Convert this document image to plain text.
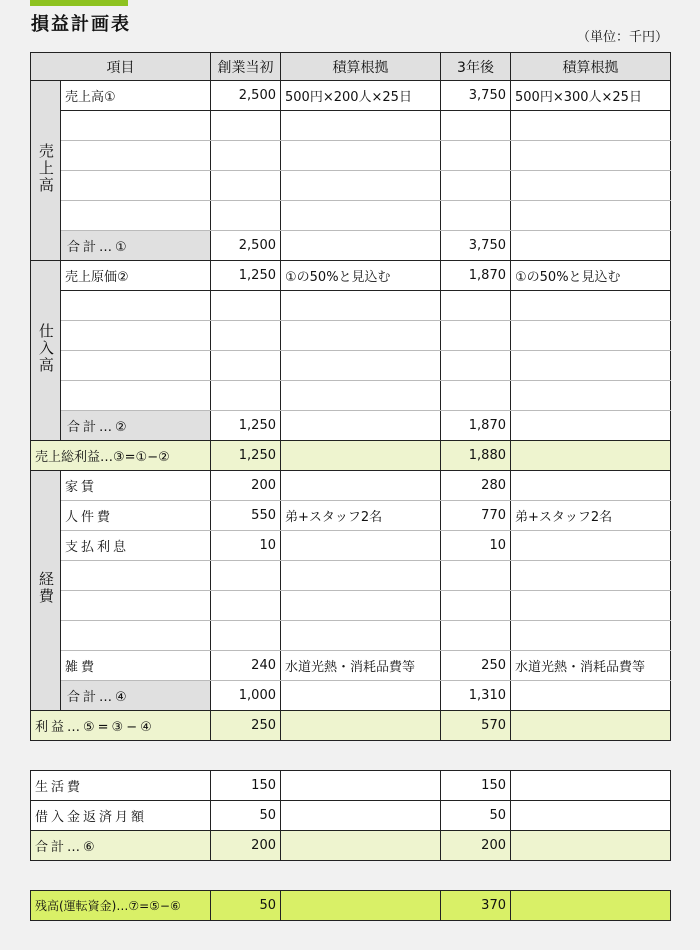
損益計画表
（単位：千円）
項目		創業当初	積算根拠	3年後	積算根拠
売上高	売上高①	2,500	500円×200人×25日	3,750	500円×300人×25日

	合計…①	2,500		3,750	
仕入高	売上原価②	1,250	①の50%と見込む	1,870	①の50%と見込む

	合計…②	1,250		1,870	
売上総利益…③=①−②		1,250		1,880	
経費	家賃	200		280	
	人件費	550	弟+スタッフ2名	770	弟+スタッフ2名
	支払利息	10		10	

	雑費	240	水道光熱・消耗品費等	250	水道光熱・消耗品費等
	合計…④	1,000		1,310	
利益…⑤=③−④		250		570	
生活費	150		150	
借入金返済月額	50		50	
合計…⑥	200		200	
残高(運転資金)…⑦=⑤−⑥	50		370	
